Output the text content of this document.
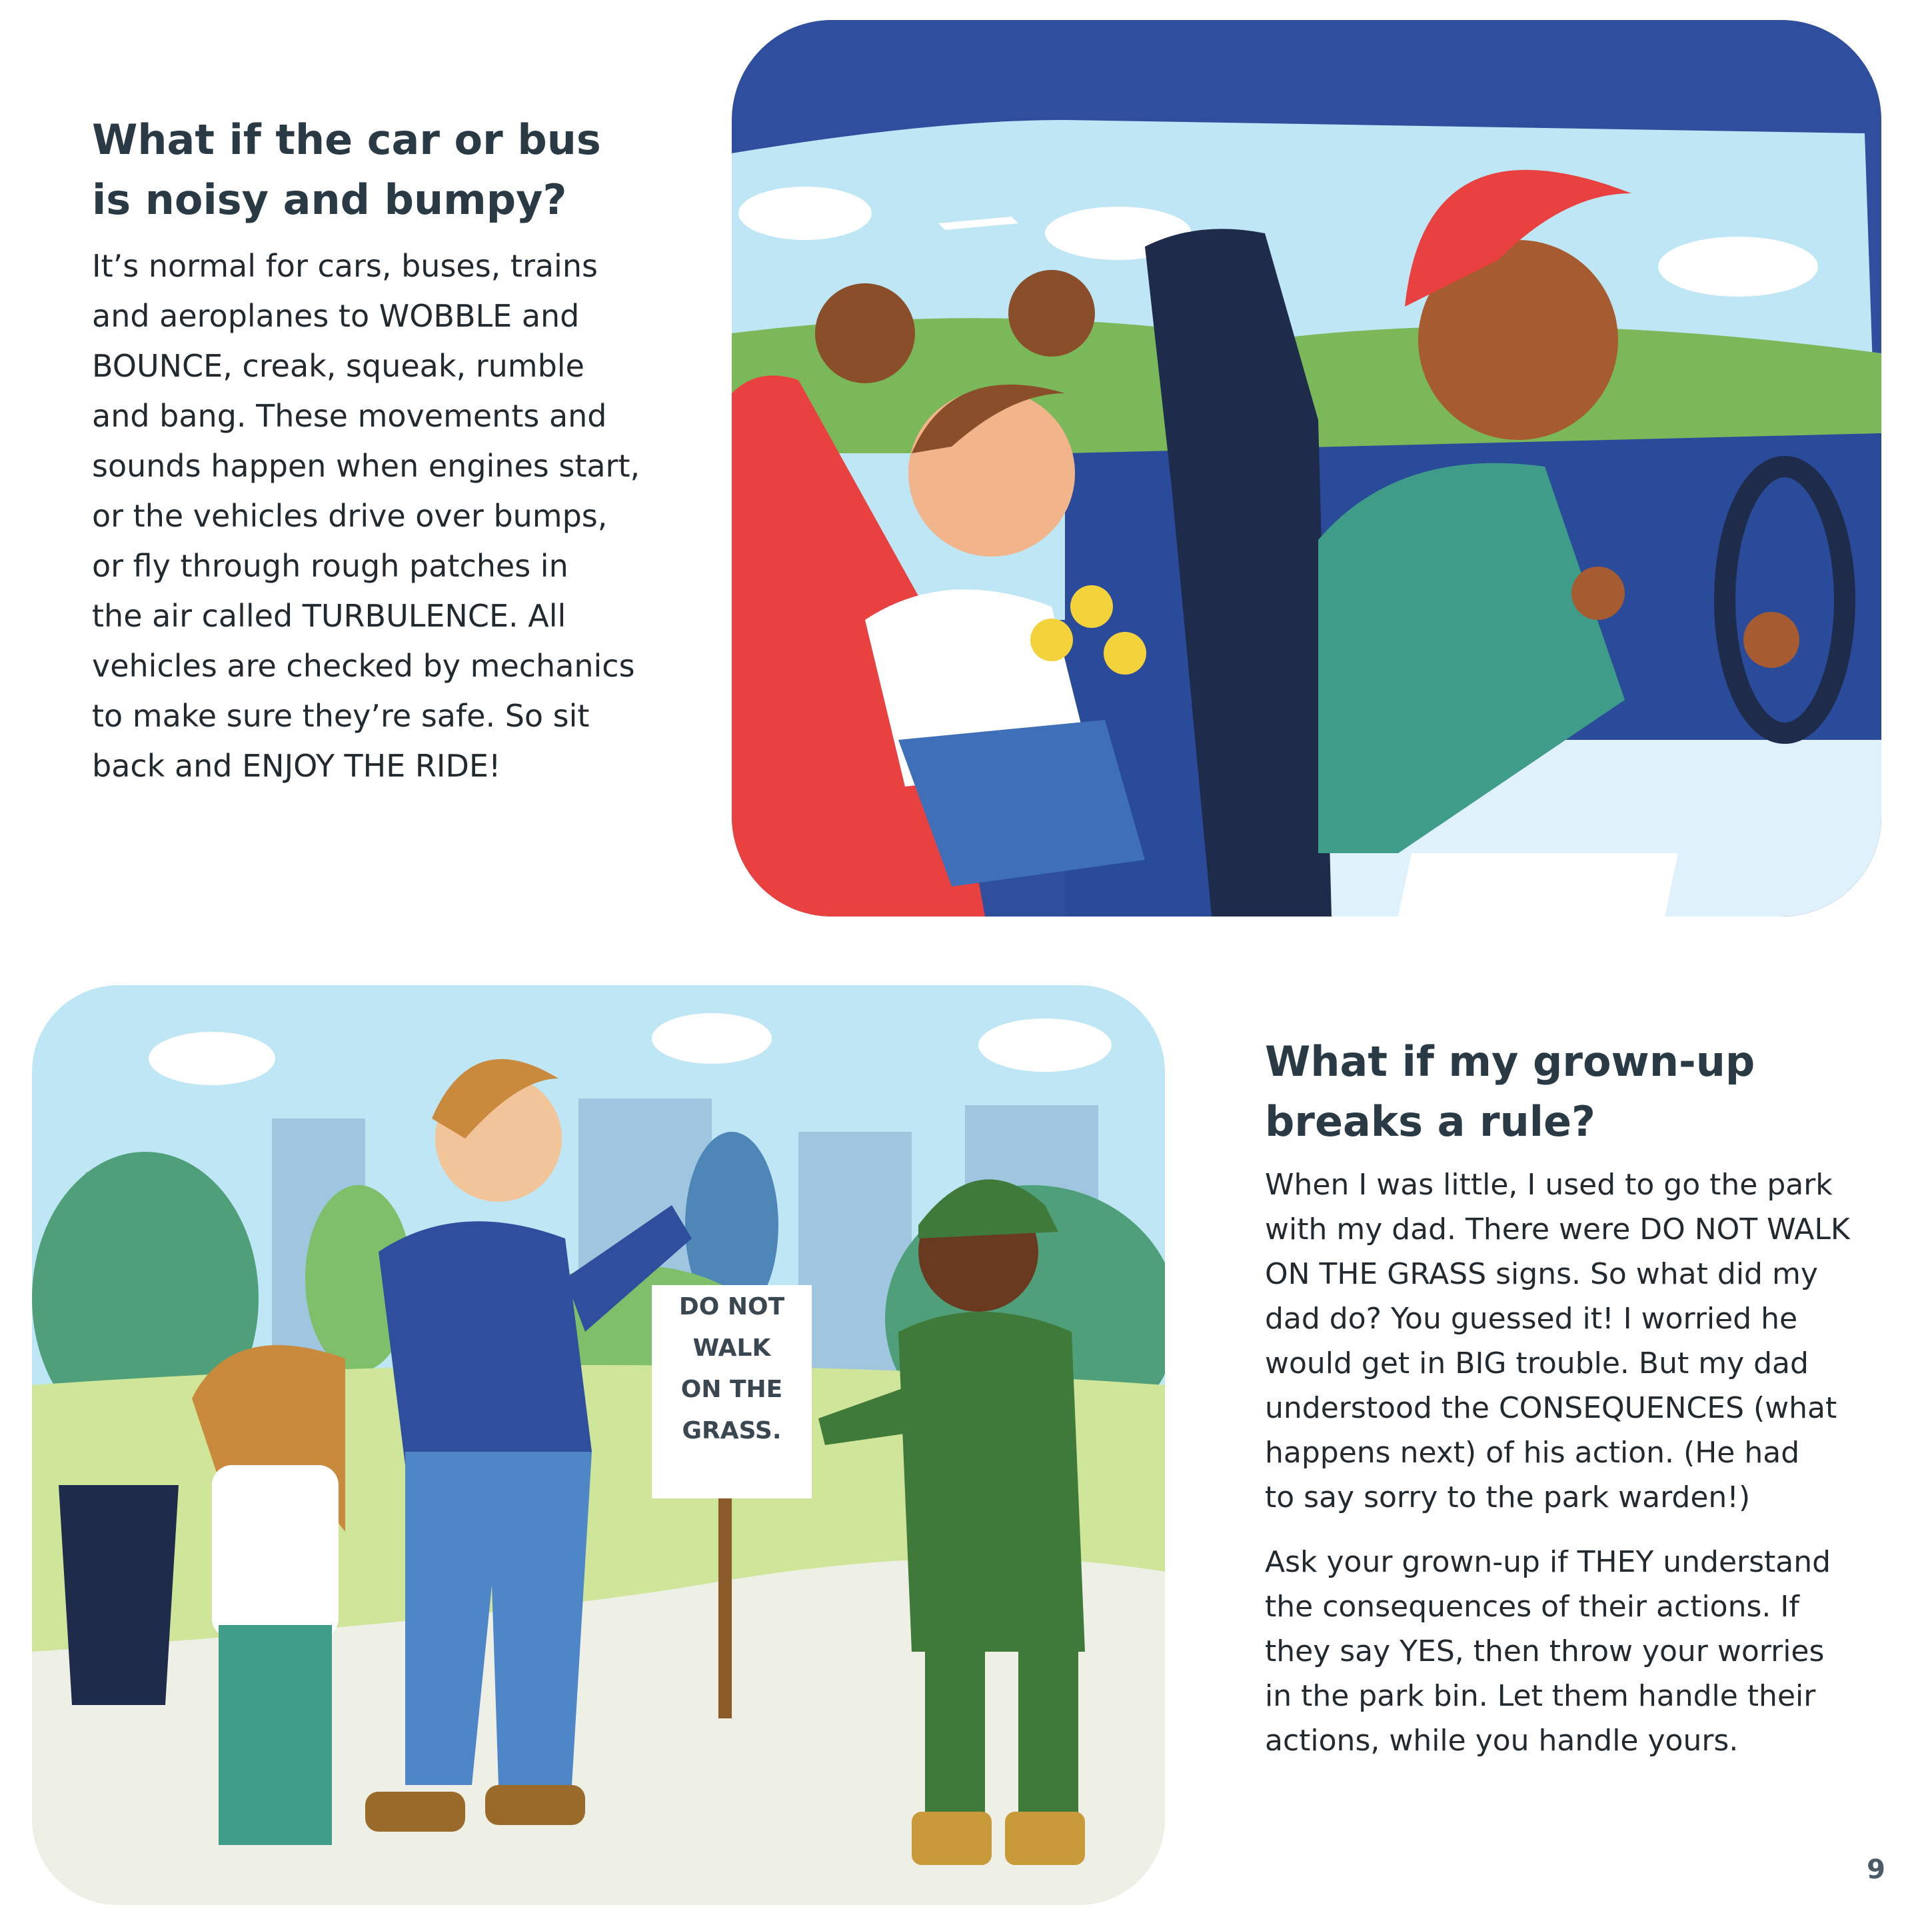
What if the car or bus
is noisy and bumpy?
It’s normal for cars, buses, trains
and aeroplanes to WOBBLE and
BOUNCE, creak, squeak, rumble
and bang. These movements and
sounds happen when engines start,
or the vehicles drive over bumps,
or fly through rough patches in
the air called TURBULENCE. All
vehicles are checked by mechanics
to make sure they’re safe. So sit
back and ENJOY THE RIDE!
DO NOT
WALK
ON THE
GRASS.
What if my grown-up
breaks a rule?
When I was little, I used to go the park
with my dad. There were DO NOT WALK
ON THE GRASS signs. So what did my
dad do? You guessed it! I worried he
would get in BIG trouble. But my dad
understood the CONSEQUENCES (what
happens next) of his action. (He had
to say sorry to the park warden!)
Ask your grown-up if THEY understand
the consequences of their actions. If
they say YES, then throw your worries
in the park bin. Let them handle their
actions, while you handle yours.
9
